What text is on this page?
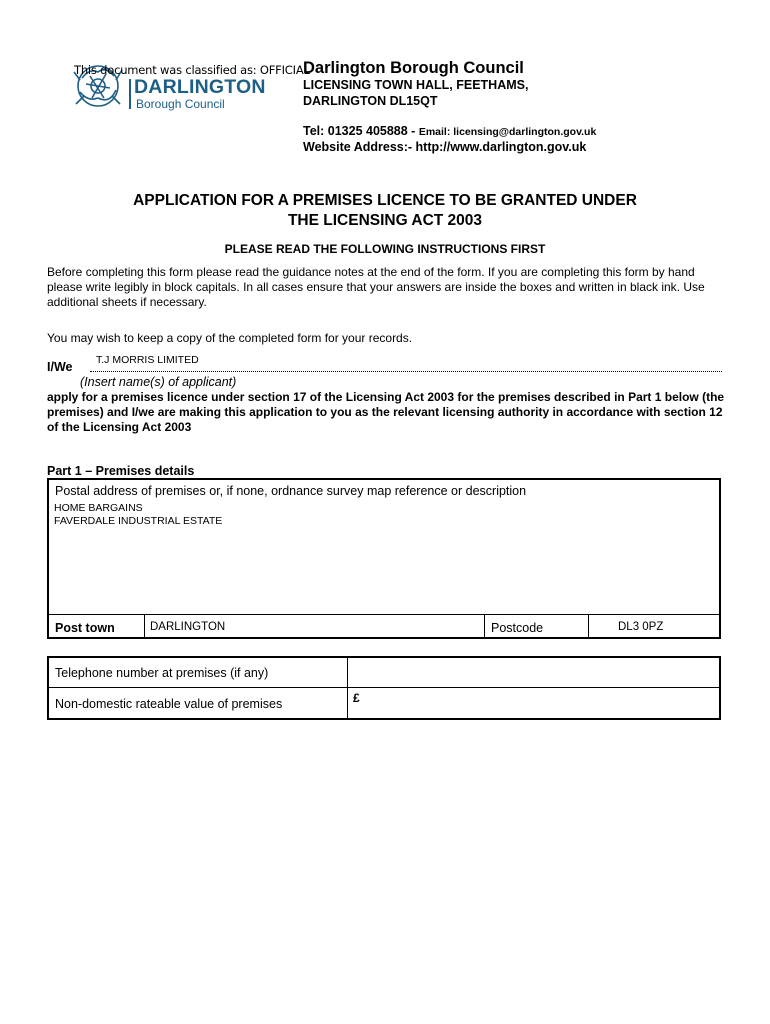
This document was classified as: OFFICIAL
DARLINGTON
Borough Council
Darlington Borough Council
LICENSING TOWN HALL, FEETHAMS,
DARLINGTON DL15QT
Tel: 01325 405888 - Email: licensing@darlington.gov.uk
Website Address:- http://www.darlington.gov.uk
APPLICATION FOR A PREMISES LICENCE TO BE GRANTED UNDER
THE LICENSING ACT 2003
PLEASE READ THE FOLLOWING INSTRUCTIONS FIRST
Before completing this form please read the guidance notes at the end of the form. If you are completing this form by hand please write legibly in block capitals. In all cases ensure that your answers are inside the boxes and written in black ink. Use additional sheets if necessary.
You may wish to keep a copy of the completed form for your records.
I/We T.J MORRIS LIMITED
(Insert name(s) of applicant)
apply for a premises licence under section 17 of the Licensing Act 2003 for the premises described in Part 1 below (the premises) and I/we are making this application to you as the relevant licensing authority in accordance with section 12 of the Licensing Act 2003
Part 1 – Premises details
Postal address of premises or, if none, ordnance survey map reference or description
HOME BARGAINS
FAVERDALE INDUSTRIAL ESTATE
Post town	DARLINGTON	Postcode	DL3 0PZ
Telephone number at premises (if any)
Non-domestic rateable value of premises	£
